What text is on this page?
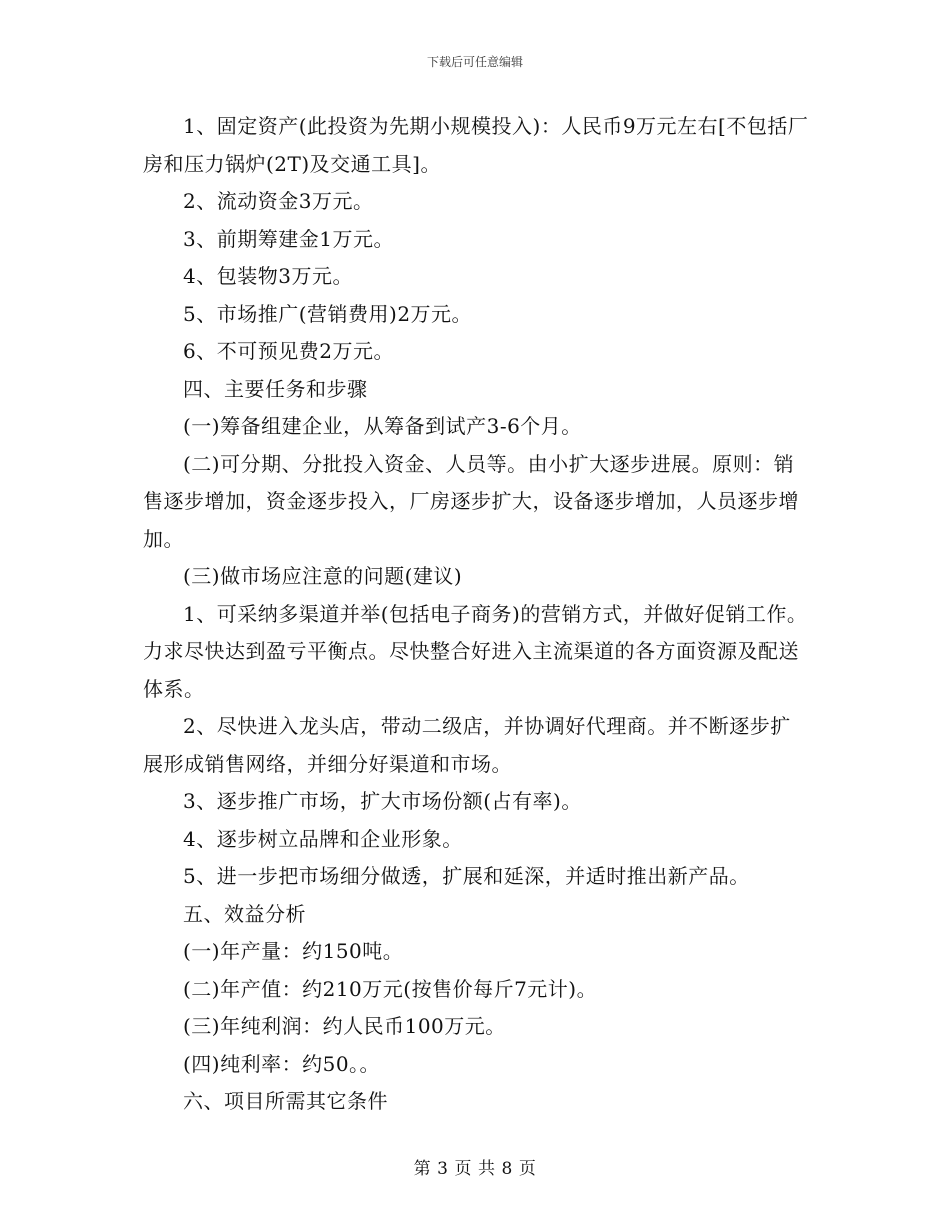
下载后可任意编辑

1、固定资产(此投资为先期小规模投入)：人民币9万元左右[不包括厂房和压力锅炉(2T)及交通工具]。

2、流动资金3万元。

3、前期筹建金1万元。

4、包装物3万元。

5、市场推广(营销费用)2万元。

6、不可预见费2万元。

四、主要任务和步骤

(一)筹备组建企业，从筹备到试产3-6个月。

(二)可分期、分批投入资金、人员等。由小扩大逐步进展。原则：销售逐步增加，资金逐步投入，厂房逐步扩大，设备逐步增加，人员逐步增加。

(三)做市场应注意的问题(建议)

1、可采纳多渠道并举(包括电子商务)的营销方式，并做好促销工作。力求尽快达到盈亏平衡点。尽快整合好进入主流渠道的各方面资源及配送体系。

2、尽快进入龙头店，带动二级店，并协调好代理商。并不断逐步扩展形成销售网络，并细分好渠道和市场。

3、逐步推广市场，扩大市场份额(占有率)。

4、逐步树立品牌和企业形象。

5、进一步把市场细分做透，扩展和延深，并适时推出新产品。

五、效益分析

(一)年产量：约150吨。

(二)年产值：约210万元(按售价每斤7元计)。

(三)年纯利润：约人民币100万元。

(四)纯利率：约50。。

六、项目所需其它条件

第 3 页 共 8 页
